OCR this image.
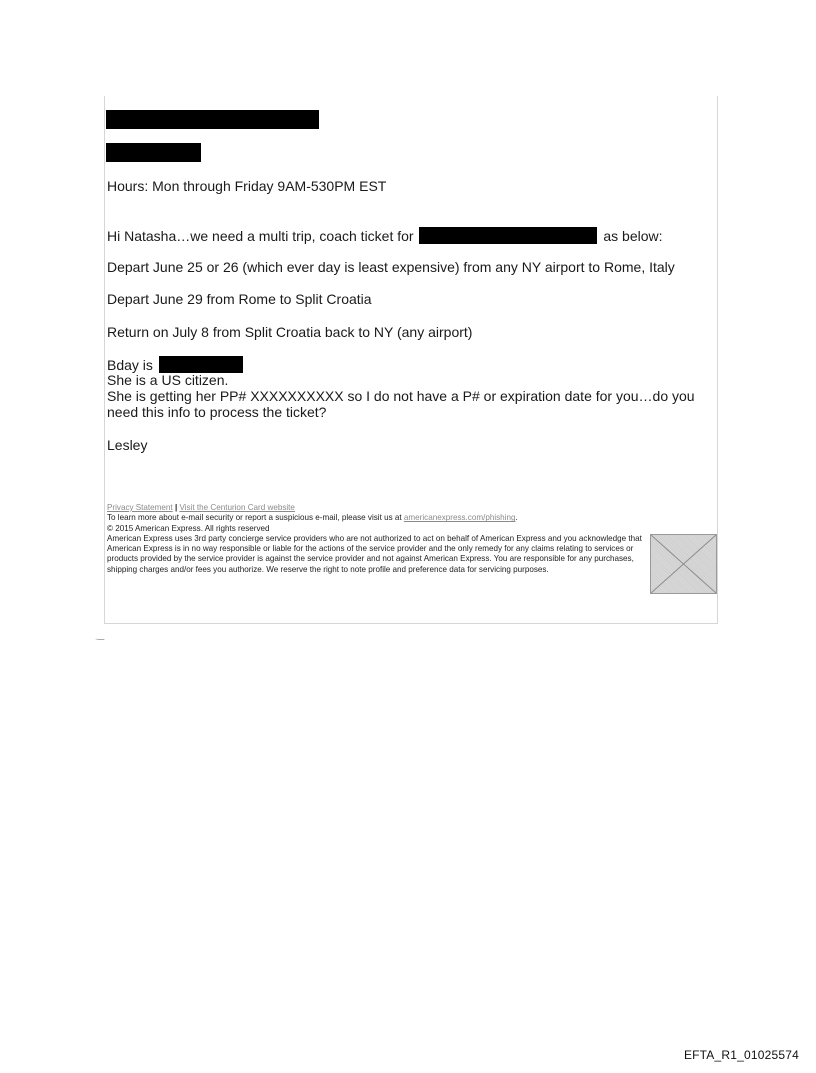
Hours: Mon through Friday 9AM-530PM EST
Hi Natasha…we need a multi trip, coach ticket for	as below:
Depart June 25 or 26 (which ever day is least expensive) from any NY airport to Rome, Italy
Depart June 29 from Rome to Split Croatia
Return on July 8 from Split Croatia back to NY (any airport)
Bday is
She is a US citizen.
She is getting her PP# XXXXXXXXXX so I do not have a P# or expiration date for you…do you need this info to process the ticket?
Lesley
Privacy Statement | Visit the Centurion Card website
To learn more about e-mail security or report a suspicious e-mail, please visit us at americanexpress.com/phishing.
© 2015 American Express. All rights reserved
American Express uses 3rd party concierge service providers who are not authorized to act on behalf of American Express and you acknowledge that American Express is in no way responsible or liable for the actions of the service provider and the only remedy for any claims relating to services or products provided by the service provider is against the service provider and not against American Express. You are responsible for any purchases, shipping charges and/or fees you authorize. We reserve the right to note profile and preference data for servicing purposes.
·—
EFTA_R1_01025574
